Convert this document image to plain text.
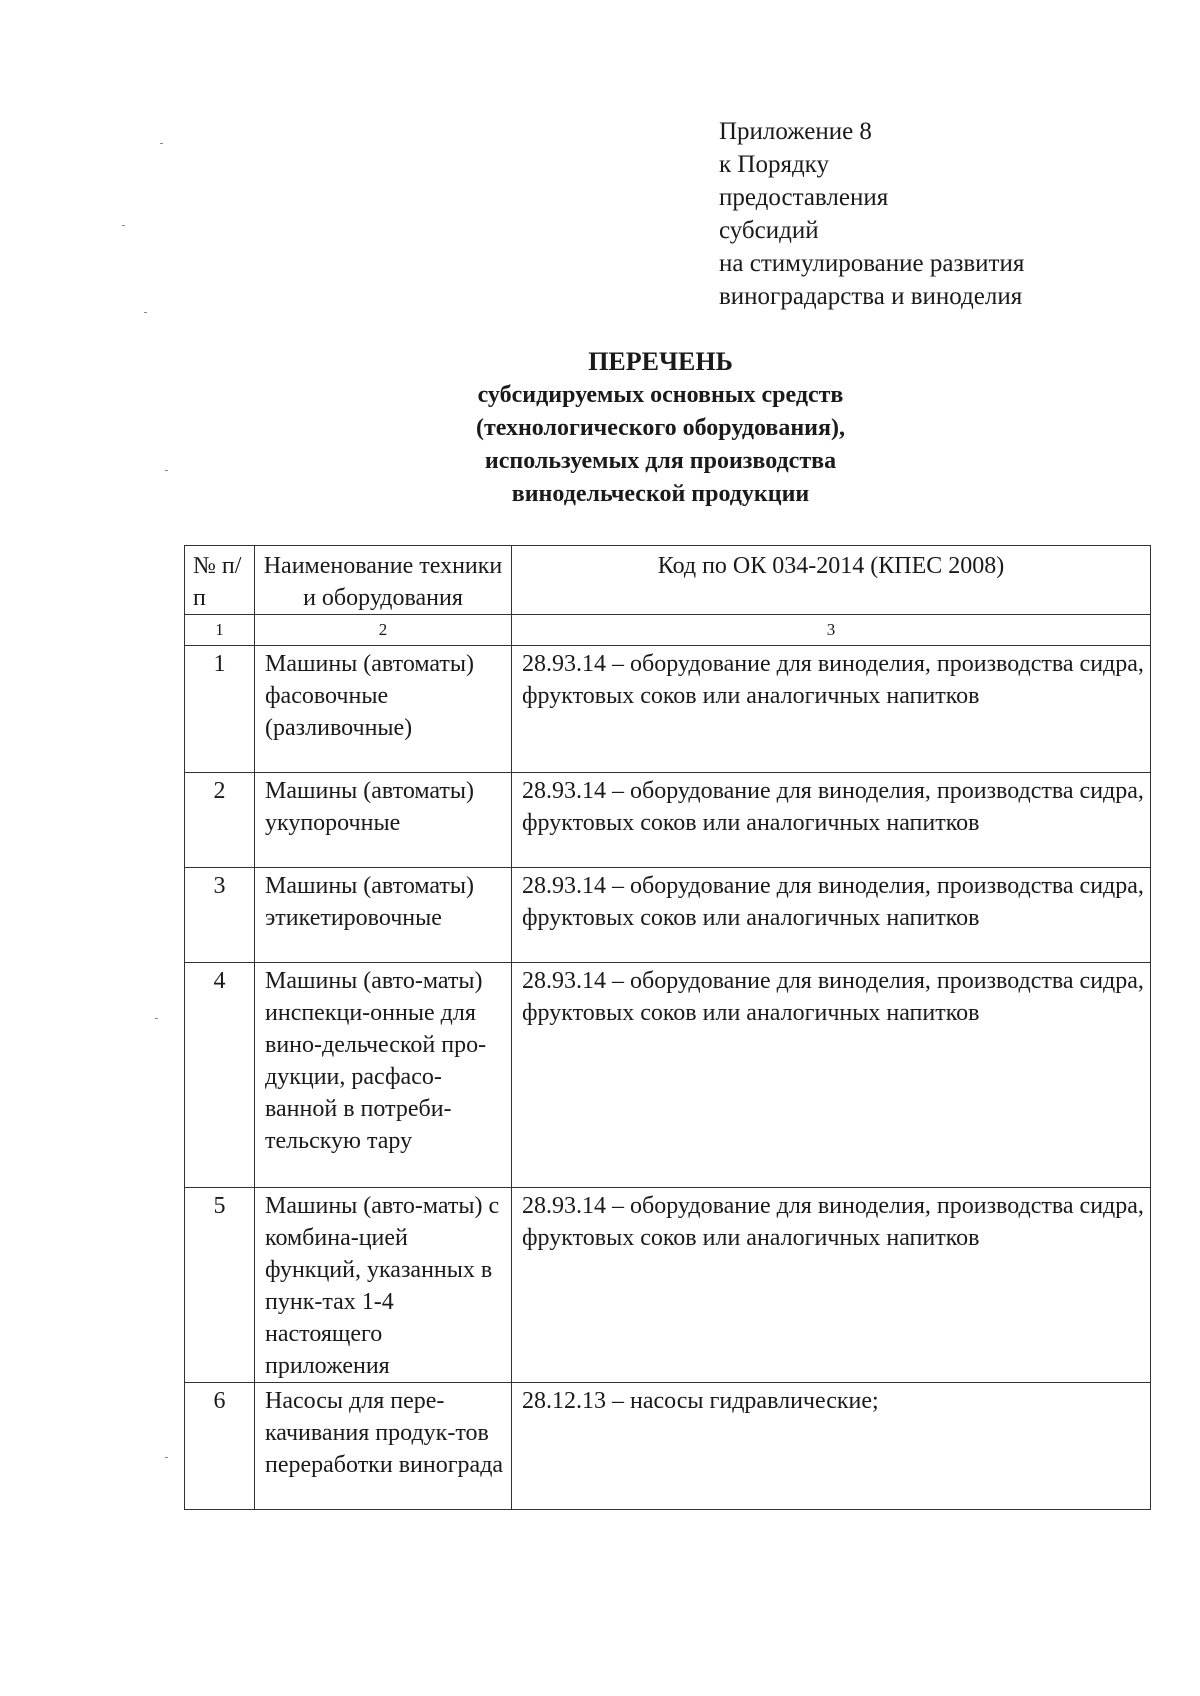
Приложение 8
к Порядку
предоставления
субсидий
на стимулирование развития
виноградарства и виноделия
ПЕРЕЧЕНЬ
субсидируемых основных средств
(технологического оборудования),
используемых для производства
винодельческой продукции
№ п/п	Наименование техники и оборудования	Код по ОК 034-2014 (КПЕС 2008)
1	2	3
1	Машины (автоматы) фасовочные (разливочные)	28.93.14 – оборудование для виноделия, производства сидра, фруктовых соков или аналогичных напитков
2	Машины (автоматы) укупорочные	28.93.14 – оборудование для виноделия, производства сидра, фруктовых соков или аналогичных напитков
3	Машины (автоматы) этикетировочные	28.93.14 – оборудование для виноделия, производства сидра, фруктовых соков или аналогичных напитков
4	Машины (авто-маты) инспекци-онные для вино-дельческой про-дукции, расфасо-ванной в потреби-тельскую тару	28.93.14 – оборудование для виноделия, производства сидра, фруктовых соков или аналогичных напитков
5	Машины (авто-маты) с комбина-цией функций, указанных в пунк-тах 1-4 настоящего приложения	28.93.14 – оборудование для виноделия, производства сидра, фруктовых соков или аналогичных напитков
6	Насосы для пере-качивания продук-тов переработки винограда	28.12.13 – насосы гидравлические;
